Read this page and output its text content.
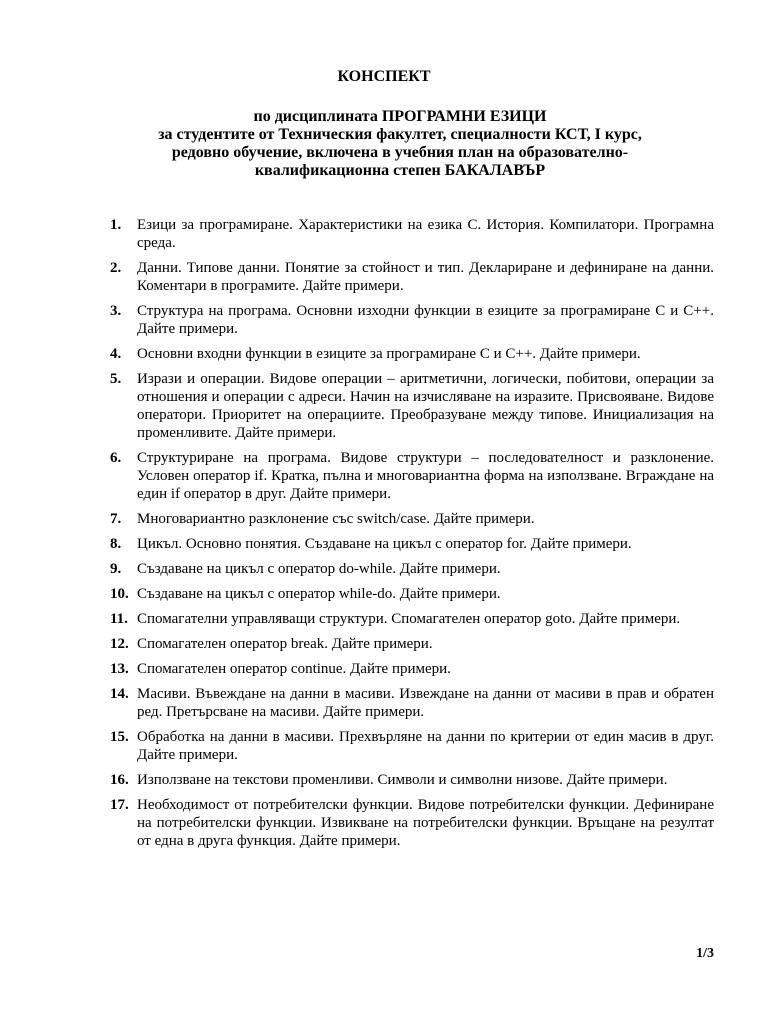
КОНСПЕКТ
по дисциплината ПРОГРАМНИ ЕЗИЦИ
за студентите от Техническия факултет, специалности КСТ, I курс,
редовно обучение, включена в учебния план на образователно-
квалификационна степен БАКАЛАВЪР
1.	Езици за програмиране. Характеристики на езика С. История. Компилатори. Програмна среда.
2.	Данни. Типове данни. Понятие за стойност и тип. Деклариране и дефиниране на данни. Коментари в програмите. Дайте примери.
3.	Структура на програма. Основни изходни функции в езиците за програмиране С и С++. Дайте примери.
4.	Основни входни функции в езиците за програмиране С и С++. Дайте примери.
5.	Изрази и операции. Видове операции – аритметични, логически, побитови, операции за отношения и операции с адреси. Начин на изчисляване на изразите. Присвояване. Видове оператори. Приоритет на операциите. Преобразуване между типове. Инициализация на променливите. Дайте примери.
6.	Структуриране на програма. Видове структури – последователност и разклонение. Условен оператор if. Кратка, пълна и многовариантна форма на използване. Вграждане на един if оператор в друг. Дайте примери.
7.	Многовариантно разклонение със switch/case. Дайте примери.
8.	Цикъл. Основно понятия. Създаване на цикъл с оператор for. Дайте примери.
9.	Създаване на цикъл с оператор do-while. Дайте примери.
10. Създаване на цикъл с оператор while-do. Дайте примери.
11. Спомагателни управляващи структури. Спомагателен оператор goto. Дайте примери.
12. Спомагателен оператор break. Дайте примери.
13. Спомагателен оператор continue. Дайте примери.
14. Масиви. Въвеждане на данни в масиви. Извеждане на данни от масиви в прав и обратен ред. Претърсване на масиви. Дайте примери.
15. Обработка на данни в масиви. Прехвърляне на данни по критерии от един масив в друг. Дайте примери.
16. Използване на текстови променливи. Символи и символни низове. Дайте примери.
17. Необходимост от потребителски функции. Видове потребителски функции. Дефиниране на потребителски функции. Извикване на потребителски функции. Връщане на резултат от една в друга функция. Дайте примери.
1/3
